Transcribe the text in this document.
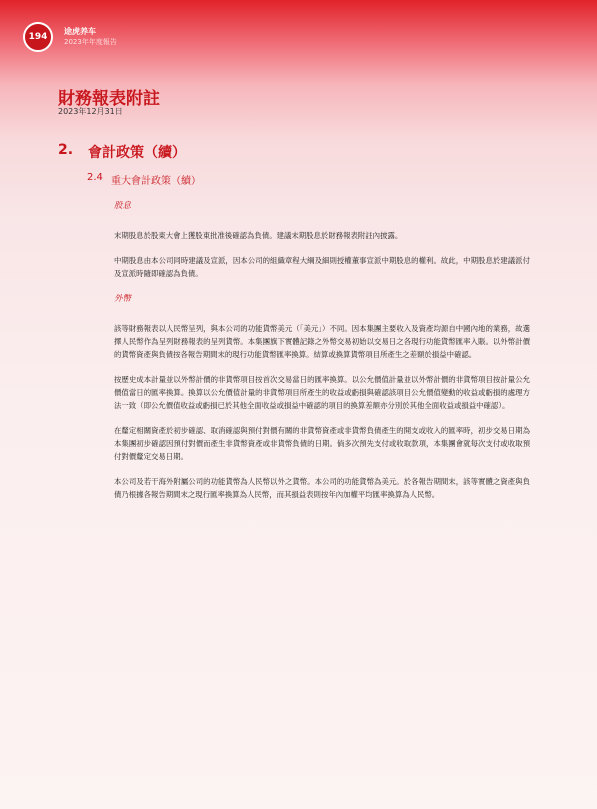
194
途虎养车
2023年年度報告
財務報表附註
2023年12月31日
2. 會計政策（續）
2.4 重大會計政策（續）
股息

末期股息於股東大會上獲股東批准後確認為負債。建議末期股息於財務報表附註內披露。

中期股息由本公司同時建議及宣派，因本公司的組織章程大綱及細則授權董事宣派中期股息的權利。故此，中期股息於建議派付及宣派時隨即確認為負債。

外幣

該等財務報表以人民幣呈列，與本公司的功能貨幣美元（「美元」）不同。因本集團主要收入及資產均源自中國內地的業務，故選擇人民幣作為呈列財務報表的呈列貨幣。本集團旗下實體記錄之外幣交易初始以交易日之各現行功能貨幣匯率入賬。以外幣計價的貨幣資產與負債按各報告期間末的現行功能貨幣匯率換算。結算或換算貨幣項目所產生之差額於損益中確認。

按歷史成本計量並以外幣計價的非貨幣項目按首次交易當日的匯率換算。以公允價值計量並以外幣計價的非貨幣項目按計量公允價值當日的匯率換算。換算以公允價值計量的非貨幣項目所產生的收益或虧損與確認該項目公允價值變動的收益或虧損的處理方法一致（即公允價值收益或虧損已於其他全面收益或損益中確認的項目的換算差額亦分別於其他全面收益或損益中確認）。

在釐定相關資產於初步確認、取消確認與預付對價有關的非貨幣資產或非貨幣負債產生的開支或收入的匯率時，初步交易日期為本集團初步確認因預付對價而產生非貨幣資產或非貨幣負債的日期。倘多次預先支付或收取款項，本集團會就每次支付或收取預付對價釐定交易日期。

本公司及若干海外附屬公司的功能貨幣為人民幣以外之貨幣。本公司的功能貨幣為美元。於各報告期間末，該等實體之資產與負債乃根據各報告期間末之現行匯率換算為人民幣，而其損益表則按年內加權平均匯率換算為人民幣。
